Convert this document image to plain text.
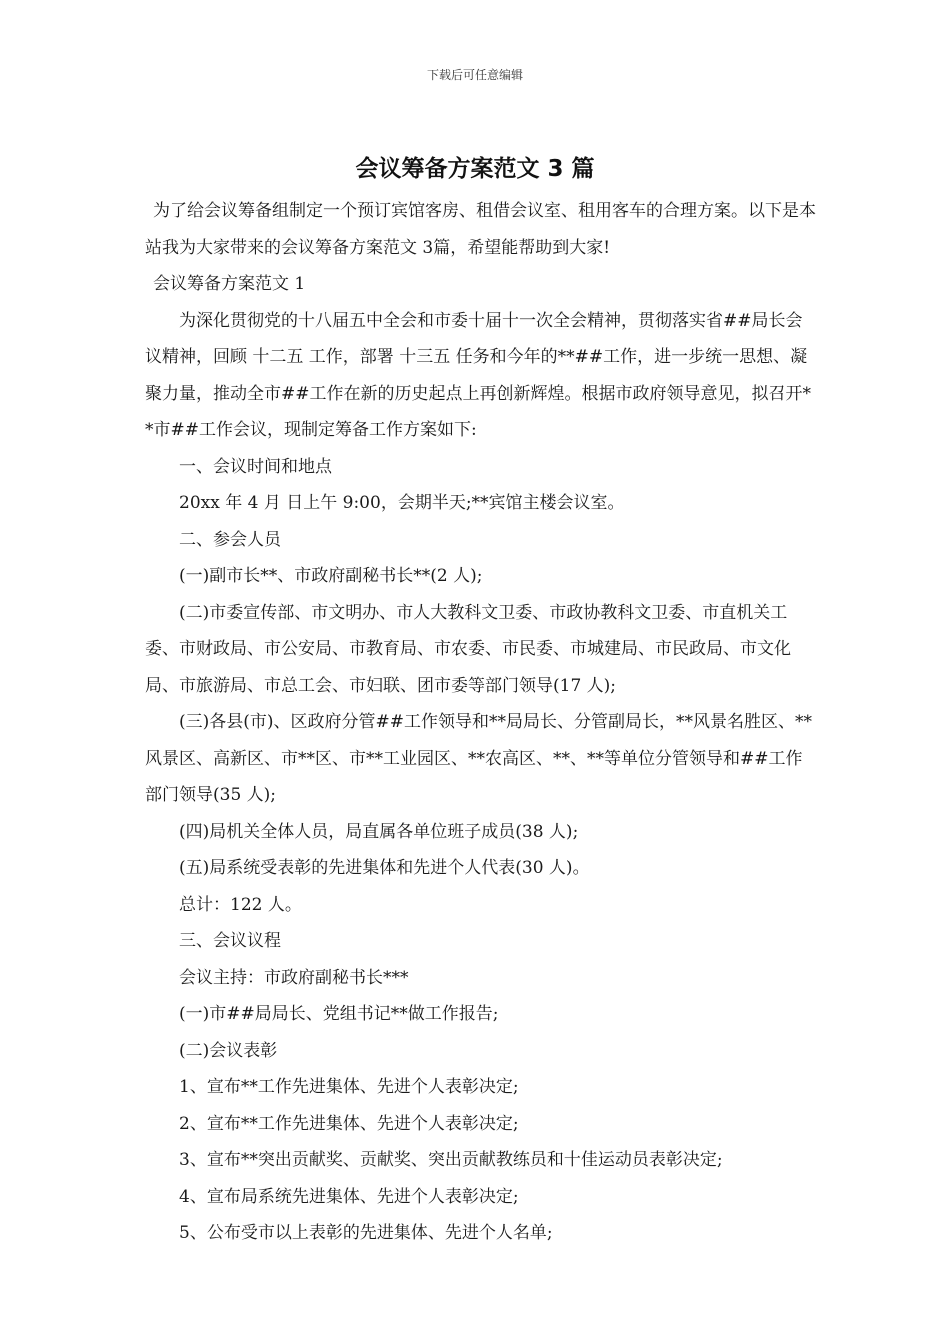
下载后可任意编辑
会议筹备方案范文 3 篇

为了给会议筹备组制定一个预订宾馆客房、租借会议室、租用客车的合理方案。以下是本站我为大家带来的会议筹备方案范文 3篇，希望能帮助到大家!

会议筹备方案范文 1

为深化贯彻党的十八届五中全会和市委十届十一次全会精神，贯彻落实省##局长会议精神，回顾 十二五 工作，部署 十三五 任务和今年的**##工作，进一步统一思想、凝聚力量，推动全市##工作在新的历史起点上再创新辉煌。根据市政府领导意见，拟召开**市##工作会议，现制定筹备工作方案如下:

一、会议时间和地点

20xx 年 4 月 日上午 9:00，会期半天;**宾馆主楼会议室。

二、参会人员

(一)副市长**、市政府副秘书长**(2 人);

(二)市委宣传部、市文明办、市人大教科文卫委、市政协教科文卫委、市直机关工委、市财政局、市公安局、市教育局、市农委、市民委、市城建局、市民政局、市文化局、市旅游局、市总工会、市妇联、团市委等部门领导(17 人);

(三)各县(市)、区政府分管##工作领导和**局局长、分管副局长，**风景名胜区、**风景区、高新区、市**区、市**工业园区、**农高区、**、**等单位分管领导和##工作部门领导(35 人);

(四)局机关全体人员，局直属各单位班子成员(38 人);

(五)局系统受表彰的先进集体和先进个人代表(30 人)。

总计：122 人。

三、会议议程

会议主持：市政府副秘书长***

(一)市##局局长、党组书记**做工作报告;

(二)会议表彰

1、宣布**工作先进集体、先进个人表彰决定;

2、宣布**工作先进集体、先进个人表彰决定;

3、宣布**突出贡献奖、贡献奖、突出贡献教练员和十佳运动员表彰决定;

4、宣布局系统先进集体、先进个人表彰决定;

5、公布受市以上表彰的先进集体、先进个人名单;
